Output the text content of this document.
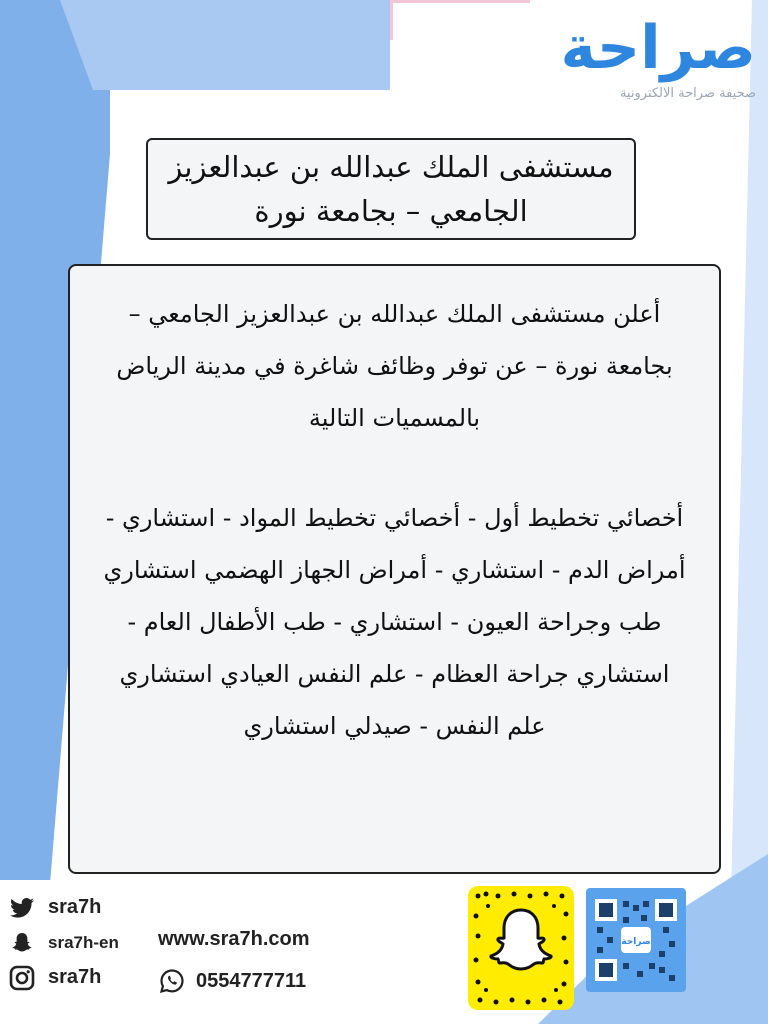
صراحة
صحيفة صراحة الالكترونية
مستشفى الملك عبدالله بن عبدالعزيز
الجامعي – بجامعة نورة

أعلن مستشفى الملك عبدالله بن عبدالعزيز الجامعي – بجامعة نورة – عن توفر وظائف شاغرة في مدينة الرياض بالمسميات التالية

أخصائي تخطيط أول - أخصائي تخطيط المواد - استشاري - أمراض الدم - استشاري - أمراض الجهاز الهضمي استشاري طب وجراحة العيون - استشاري - طب الأطفال العام - استشاري جراحة العظام - علم النفس العيادي استشاري علم النفس - صيدلي استشاري

sra7h
sra7h-en
sra7h
www.sra7h.com
0554777711
صراحة
